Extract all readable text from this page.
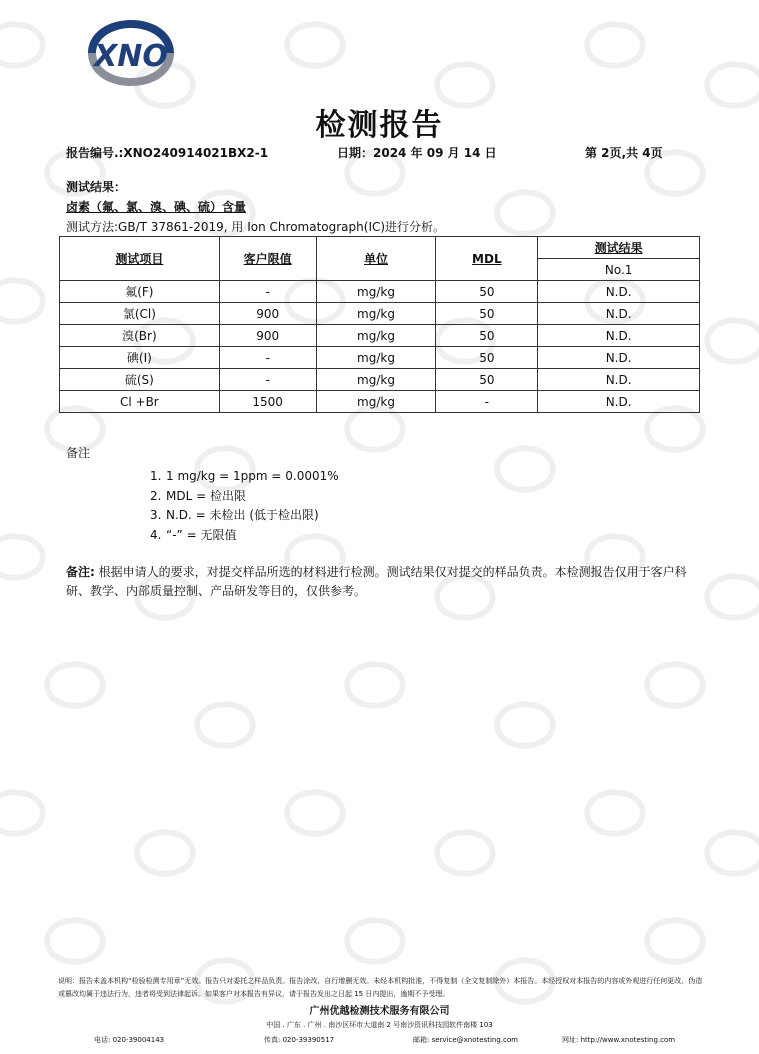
XNO
检测报告
报告编号.:XNO240914021BX2-1	日期：2024 年 09 月 14 日	第 2页,共 4页
测试结果：
卤素（氟、氯、溴、碘、硫）含量
测试方法:GB/T 37861-2019, 用 Ion Chromatograph(IC)进行分析。
测试项目	客户限值	单位	MDL	测试结果
				No.1
氟(F)	-	mg/kg	50	N.D.
氯(Cl)	900	mg/kg	50	N.D.
溴(Br)	900	mg/kg	50	N.D.
碘(I)	-	mg/kg	50	N.D.
硫(S)	-	mg/kg	50	N.D.
Cl +Br	1500	mg/kg	-	N.D.
备注
1. 1 mg/kg = 1ppm = 0.0001%
2. MDL = 检出限
3. N.D. = 未检出 (低于检出限)
4. “-” = 无限值
备注: 根据申请人的要求，对提交样品所选的材料进行检测。测试结果仅对提交的样品负责。本检测报告仅用于客户科研、教学、内部质量控制、产品研发等目的，仅供参考。
说明：报告未盖本机构“检验检测专用章”无效。报告只对委托之样品负责。报告涂改、自行增删无效。未经本机构批准，不得复制（全文复制除外）本报告。本经授权对本报告的内容或外观进行任何更改、伪造或篡改均属于违法行为，违者将受到法律起诉。如果客户对本报告有异议，请于报告发出之日起 15 日内提出，逾期不予受理。
广州优越检测技术服务有限公司
中国 . 广东 . 广州 . 南沙区环市大道南 2 号南沙资讯科技园软件南楼 103
电话: 020-39004143	传真: 020-39390517	邮箱: service@xnotesting.com	网址: http://www.xnotesting.com
